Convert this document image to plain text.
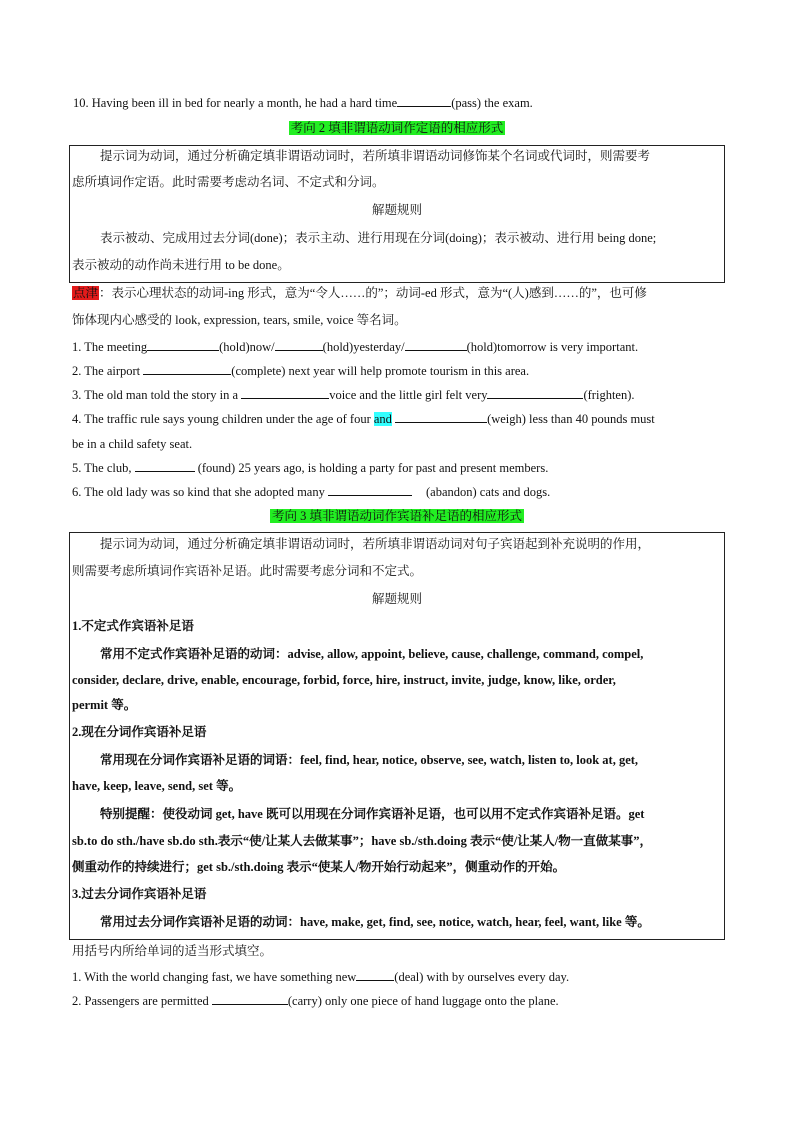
10. Having been ill in bed for nearly a month, he had a hard time	(pass) the exam.
考向 2 填非谓语动词作定语的相应形式
提示词为动词，通过分析确定填非谓语动词时，若所填非谓语动词修饰某个名词或代词时，则需要考
虑所填词作定语。此时需要考虑动名词、不定式和分词。
解题规则
表示被动、完成用过去分词(done)；表示主动、进行用现在分词(doing)；表示被动、进行用 being done;
表示被动的动作尚未进行用 to be done。
点津：表示心理状态的动词-ing 形式，意为“令人……的”；动词-ed 形式，意为“(人)感到……的”，也可修
饰体现内心感受的 look, expression, tears, smile, voice 等名词。
1. The meeting	(hold)now/	(hold)yesterday/	(hold)tomorrow is very important.
2. The airport	(complete) next year will help promote tourism in this area.
3. The old man told the story in a	voice and the little girl felt very	(frighten).
4. The traffic rule says young children under the age of four and	(weigh) less than 40 pounds must
be in a child safety seat.
5. The club,	(found) 25 years ago, is holding a party for past and present members.
6. The old lady was so kind that she adopted many	(abandon) cats and dogs.
考向 3 填非谓语动词作宾语补足语的相应形式
提示词为动词，通过分析确定填非谓语动词时，若所填非谓语动词对句子宾语起到补充说明的作用，
则需要考虑所填词作宾语补足语。此时需要考虑分词和不定式。
解题规则
1.不定式作宾语补足语
常用不定式作宾语补足语的动词：advise, allow, appoint, believe, cause, challenge, command, compel,
consider, declare, drive, enable, encourage, forbid, force, hire, instruct, invite, judge, know, like, order,
permit 等。
2.现在分词作宾语补足语
常用现在分词作宾语补足语的词语：feel, find, hear, notice, observe, see, watch, listen to, look at, get,
have, keep, leave, send, set 等。
特别提醒：使役动词 get, have 既可以用现在分词作宾语补足语，也可以用不定式作宾语补足语。get
sb.to do sth./have sb.do sth.表示“使/让某人去做某事”；have sb./sth.doing 表示“使/让某人/物一直做某事”，
侧重动作的持续进行；get sb./sth.doing 表示“使某人/物开始行动起来”，侧重动作的开始。
3.过去分词作宾语补足语
常用过去分词作宾语补足语的动词：have, make, get, find, see, notice, watch, hear, feel, want, like 等。
用括号内所给单词的适当形式填空。
1. With the world changing fast, we have something new	(deal) with by ourselves every day.
2. Passengers are permitted	(carry) only one piece of hand luggage onto the plane.
